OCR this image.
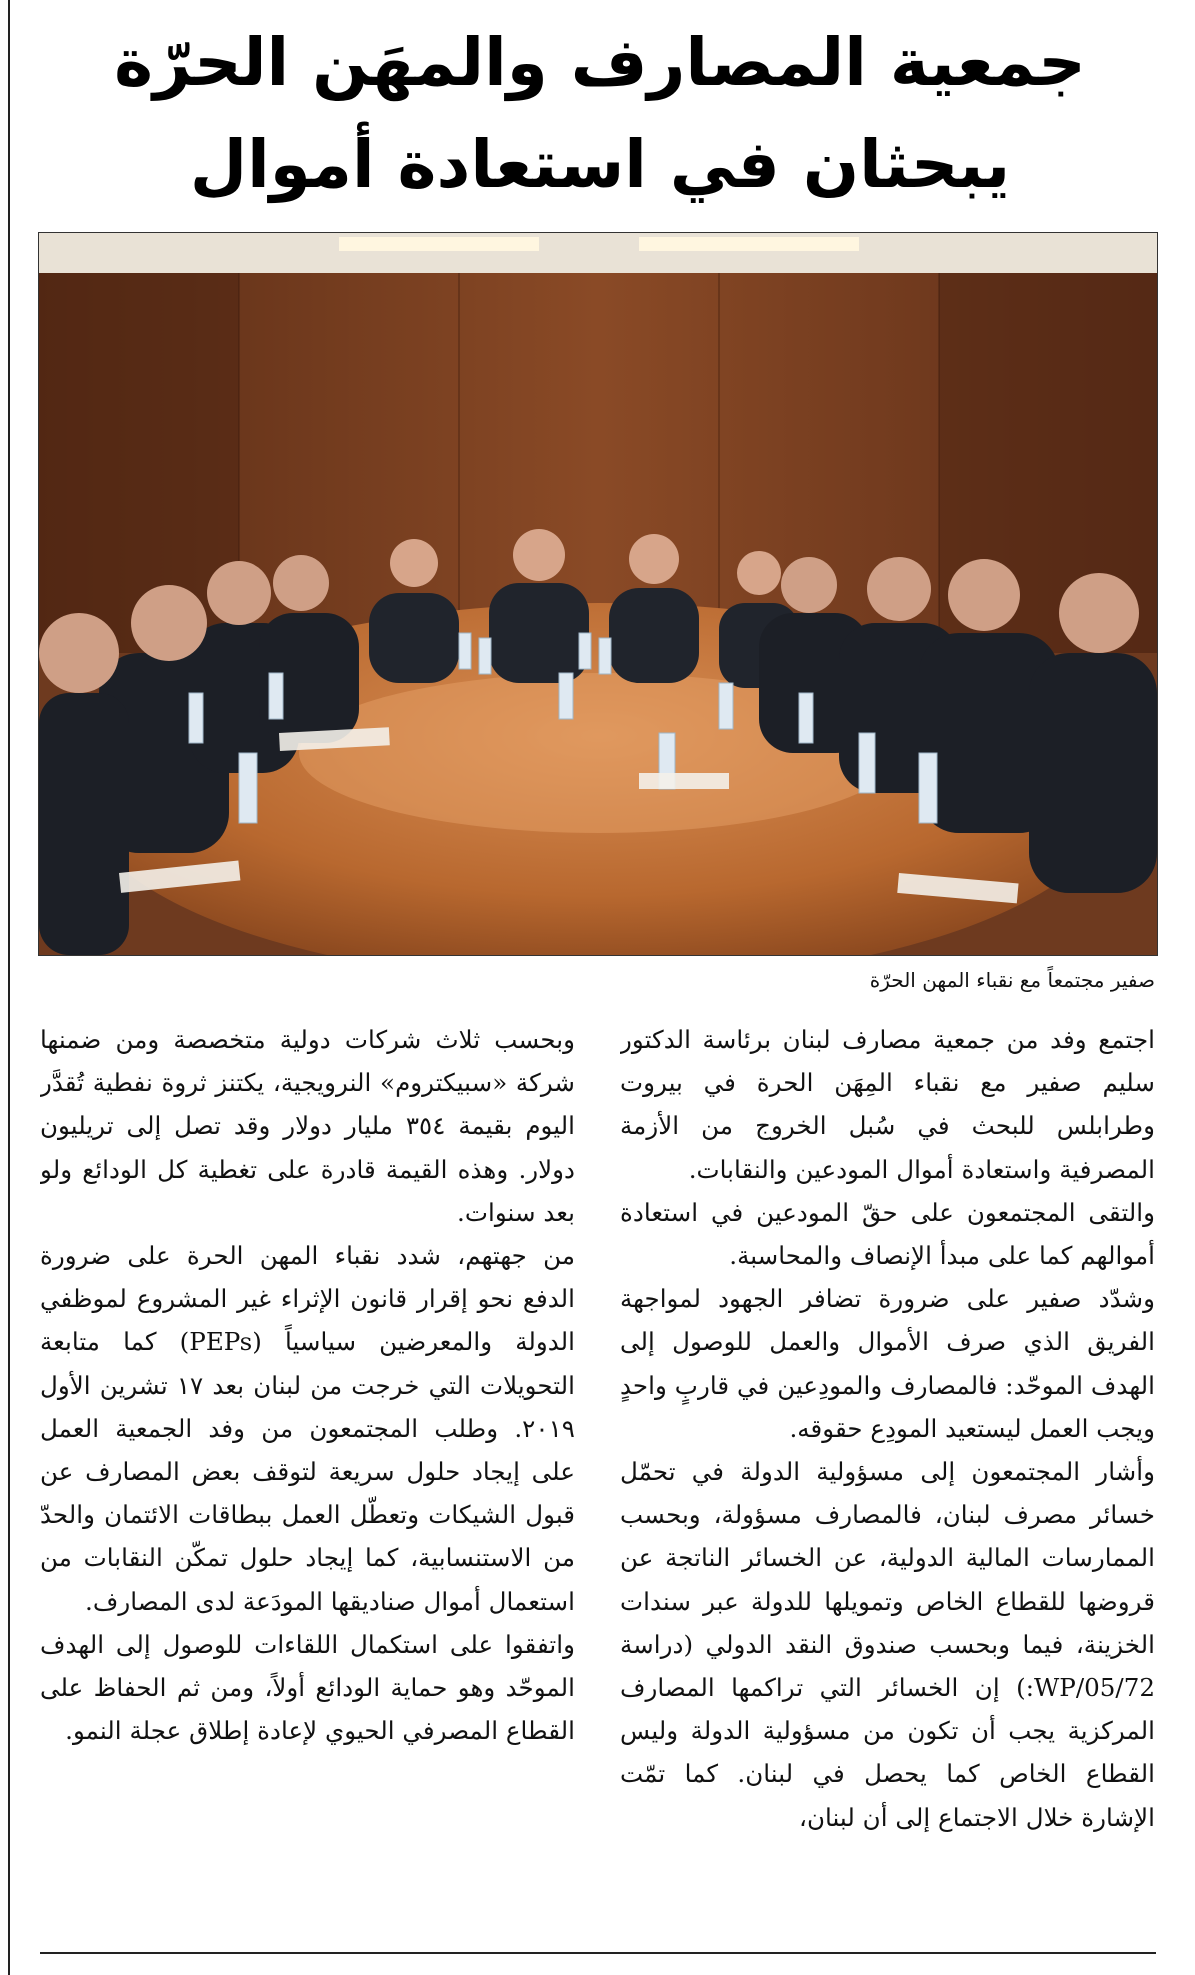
جمعية المصارف والمهَن الحرّة
يبحثان في استعادة أموال
صفير مجتمعاً مع نقباء المهن الحرّة

اجتمع وفد من جمعية مصارف لبنان برئاسة الدكتور سليم صفير مع نقباء المِهَن الحرة في بيروت وطرابلس للبحث في سُبل الخروج من الأزمة المصرفية واستعادة أموال المودعين والنقابات.

والتقى المجتمعون على حقّ المودعين في استعادة أموالهم كما على مبدأ الإنصاف والمحاسبة.

وشدّد صفير على ضرورة تضافر الجهود لمواجهة الفريق الذي صرف الأموال والعمل للوصول إلى الهدف الموحّد: فالمصارف والمودِعين في قاربٍ واحدٍ ويجب العمل ليستعيد المودِع حقوقه.

وأشار المجتمعون إلى مسؤولية الدولة في تحمّل خسائر مصرف لبنان، فالمصارف مسؤولة، وبحسب الممارسات المالية الدولية، عن الخسائر الناتجة عن قروضها للقطاع الخاص وتمويلها للدولة عبر سندات الخزينة، فيما وبحسب صندوق النقد الدولي (دراسة WP/05/72:) إن الخسائر التي تراكمها المصارف المركزية يجب أن تكون من مسؤولية الدولة وليس القطاع الخاص كما يحصل في لبنان. كما تمّت الإشارة خلال الاجتماع إلى أن لبنان،

وبحسب ثلاث شركات دولية متخصصة ومن ضمنها شركة «سبيكتروم» النرويجية، يكتنز ثروة نفطية تُقدَّر اليوم بقيمة ٣٥٤ مليار دولار وقد تصل إلى تريليون دولار. وهذه القيمة قادرة على تغطية كل الودائع ولو بعد سنوات.

من جهتهم، شدد نقباء المهن الحرة على ضرورة الدفع نحو إقرار قانون الإثراء غير المشروع لموظفي الدولة والمعرضين سياسياً (PEPs) كما متابعة التحويلات التي خرجت من لبنان بعد ١٧ تشرين الأول ٢٠١٩. وطلب المجتمعون من وفد الجمعية العمل على إيجاد حلول سريعة لتوقف بعض المصارف عن قبول الشيكات وتعطّل العمل ببطاقات الائتمان والحدّ من الاستنسابية، كما إيجاد حلول تمكّن النقابات من استعمال أموال صناديقها المودَعة لدى المصارف.

واتفقوا على استكمال اللقاءات للوصول إلى الهدف الموحّد وهو حماية الودائع أولاً، ومن ثم الحفاظ على القطاع المصرفي الحيوي لإعادة إطلاق عجلة النمو.
